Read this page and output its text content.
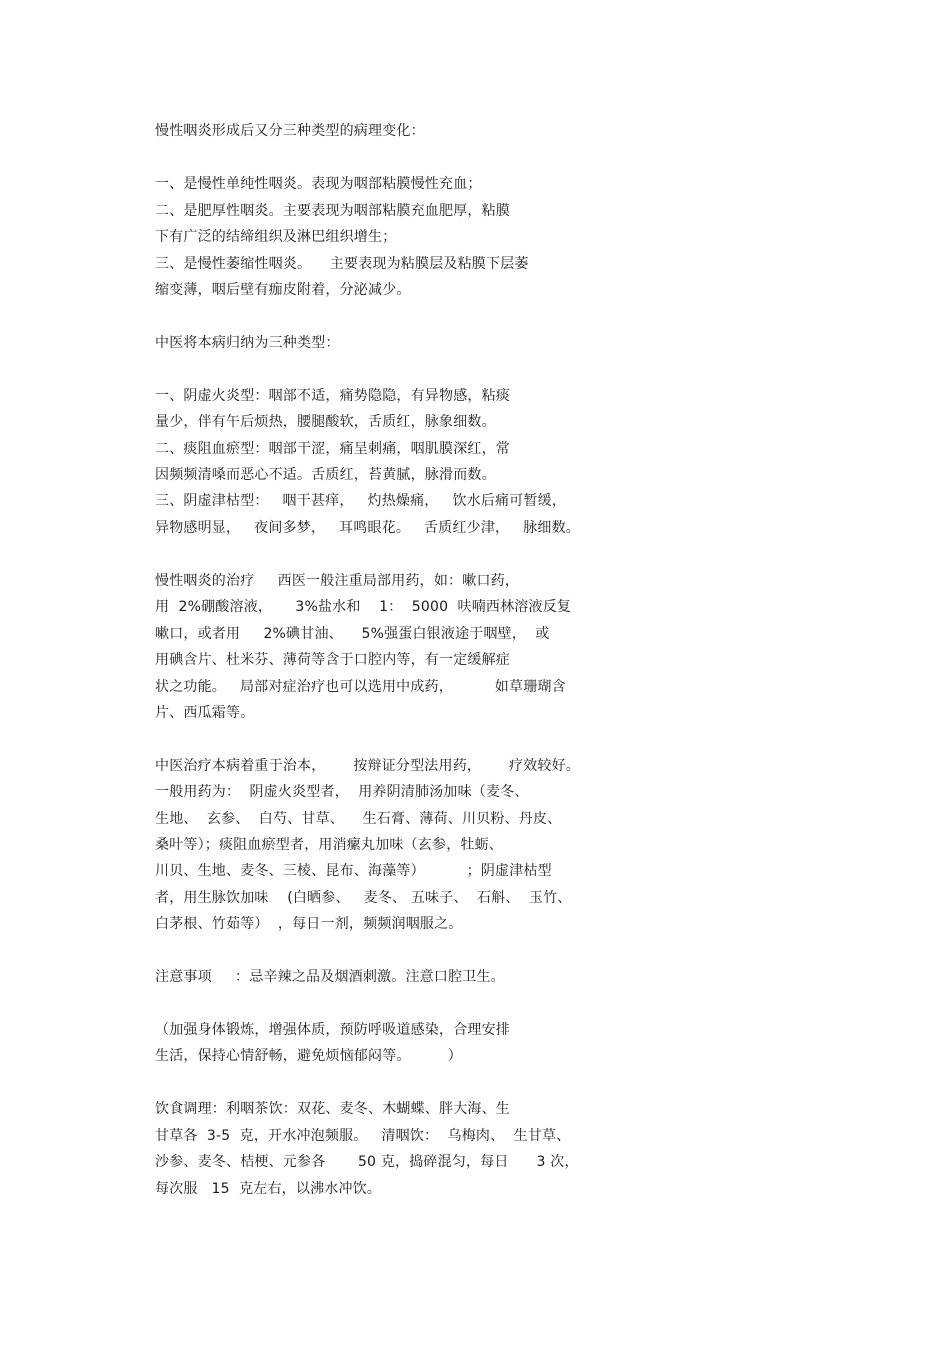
慢性咽炎形成后又分三种类型的病理变化：
一、是慢性单纯性咽炎。表现为咽部粘膜慢性充血；
二、是肥厚性咽炎。主要表现为咽部粘膜充血肥厚，粘膜
下有广泛的结缔组织及淋巴组织增生；
三、是慢性萎缩性咽炎。    主要表现为粘膜层及粘膜下层萎
缩变薄，咽后壁有痂皮附着，分泌减少。
中医将本病归纳为三种类型：
一、阴虚火炎型：咽部不适，痛势隐隐，有异物感，粘痰
量少，伴有午后烦热，腰腿酸软，舌质红，脉象细数。
二、痰阻血瘀型：咽部干涩，痛呈刺痛，咽肌膜深红，常
因频频清嗓而恶心不适。舌质红，苔黄腻，脉滑而数。
三、阴虚津枯型：   咽干甚痒，   灼热燥痛，   饮水后痛可暂缓，
异物感明显，   夜间多梦，   耳鸣眼花。   舌质红少津，   脉细数。
慢性咽炎的治疗     西医一般注重局部用药，如：嗽口药，
用  2%硼酸溶液，     3%盐水和    1：  5000  呋喃西林溶液反复
嗽口，或者用     2%碘甘油、    5%强蛋白银液途于咽壁，  或
用碘含片、杜米芬、薄荷等含于口腔内等，有一定缓解症
状之功能。   局部对症治疗也可以选用中成药，         如草珊瑚含
片、西瓜霜等。
中医治疗本病着重于治本，      按辩证分型法用药，      疗效较好。
一般用药为：  阴虚火炎型者，  用养阴清肺汤加味（麦冬、
生地、  玄参、  白芍、甘草、    生石膏、薄荷、川贝粉、丹皮、
桑叶等）；痰阻血瘀型者，用消瘰丸加味（玄参，牡蛎、
川贝、生地、麦冬、三棱、昆布、海藻等）         ；阴虚津枯型
者，用生脉饮加味    (白晒参、   麦冬、 五味子、  石斛、  玉竹、
白茅根、竹茹等）  ，每日一剂，频频润咽服之。
注意事项     ：忌辛辣之品及烟酒刺激。注意口腔卫生。
（加强身体锻炼，增强体质，预防呼吸道感染，合理安排
生活，保持心情舒畅，避免烦恼郁闷等。        ）
饮食调理：利咽茶饮：双花、麦冬、木蝴蝶、胖大海、生
甘草各  3-5  克，开水冲泡频服。   清咽饮：  乌梅肉、  生甘草、
沙参、麦冬、桔梗、元参各       50 克，捣碎混匀，每日      3 次，
每次服   15  克左右，以沸水冲饮。
